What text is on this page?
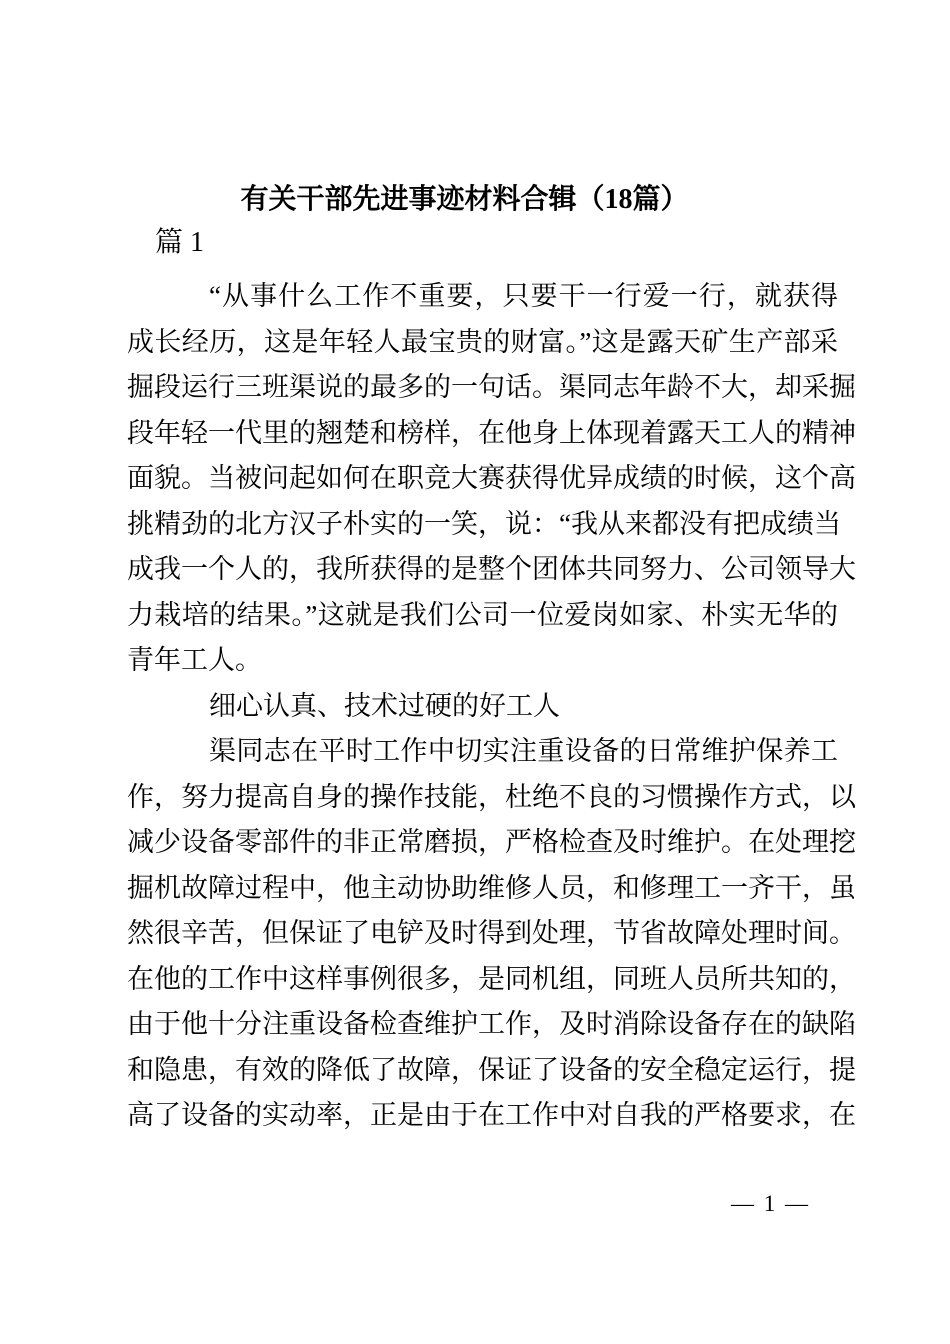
有关干部先进事迹材料合辑（18篇）
篇 1
“从事什么工作不重要，只要干一行爱一行，就获得
成长经历，这是年轻人最宝贵的财富。”这是露天矿生产部采
掘段运行三班渠说的最多的一句话。渠同志年龄不大，却采掘
段年轻一代里的翘楚和榜样，在他身上体现着露天工人的精神
面貌。当被问起如何在职竞大赛获得优异成绩的时候，这个高
挑精劲的北方汉子朴实的一笑，说：“我从来都没有把成绩当
成我一个人的，我所获得的是整个团体共同努力、公司领导大
力栽培的结果。”这就是我们公司一位爱岗如家、朴实无华的
青年工人。
细心认真、技术过硬的好工人
渠同志在平时工作中切实注重设备的日常维护保养工
作，努力提高自身的操作技能，杜绝不良的习惯操作方式，以
减少设备零部件的非正常磨损，严格检查及时维护。在处理挖
掘机故障过程中，他主动协助维修人员，和修理工一齐干，虽
然很辛苦，但保证了电铲及时得到处理，节省故障处理时间。
在他的工作中这样事例很多，是同机组，同班人员所共知的，
由于他十分注重设备检查维护工作，及时消除设备存在的缺陷
和隐患，有效的降低了故障，保证了设备的安全稳定运行，提
高了设备的实动率，正是由于在工作中对自我的严格要求，在
— 1 —
